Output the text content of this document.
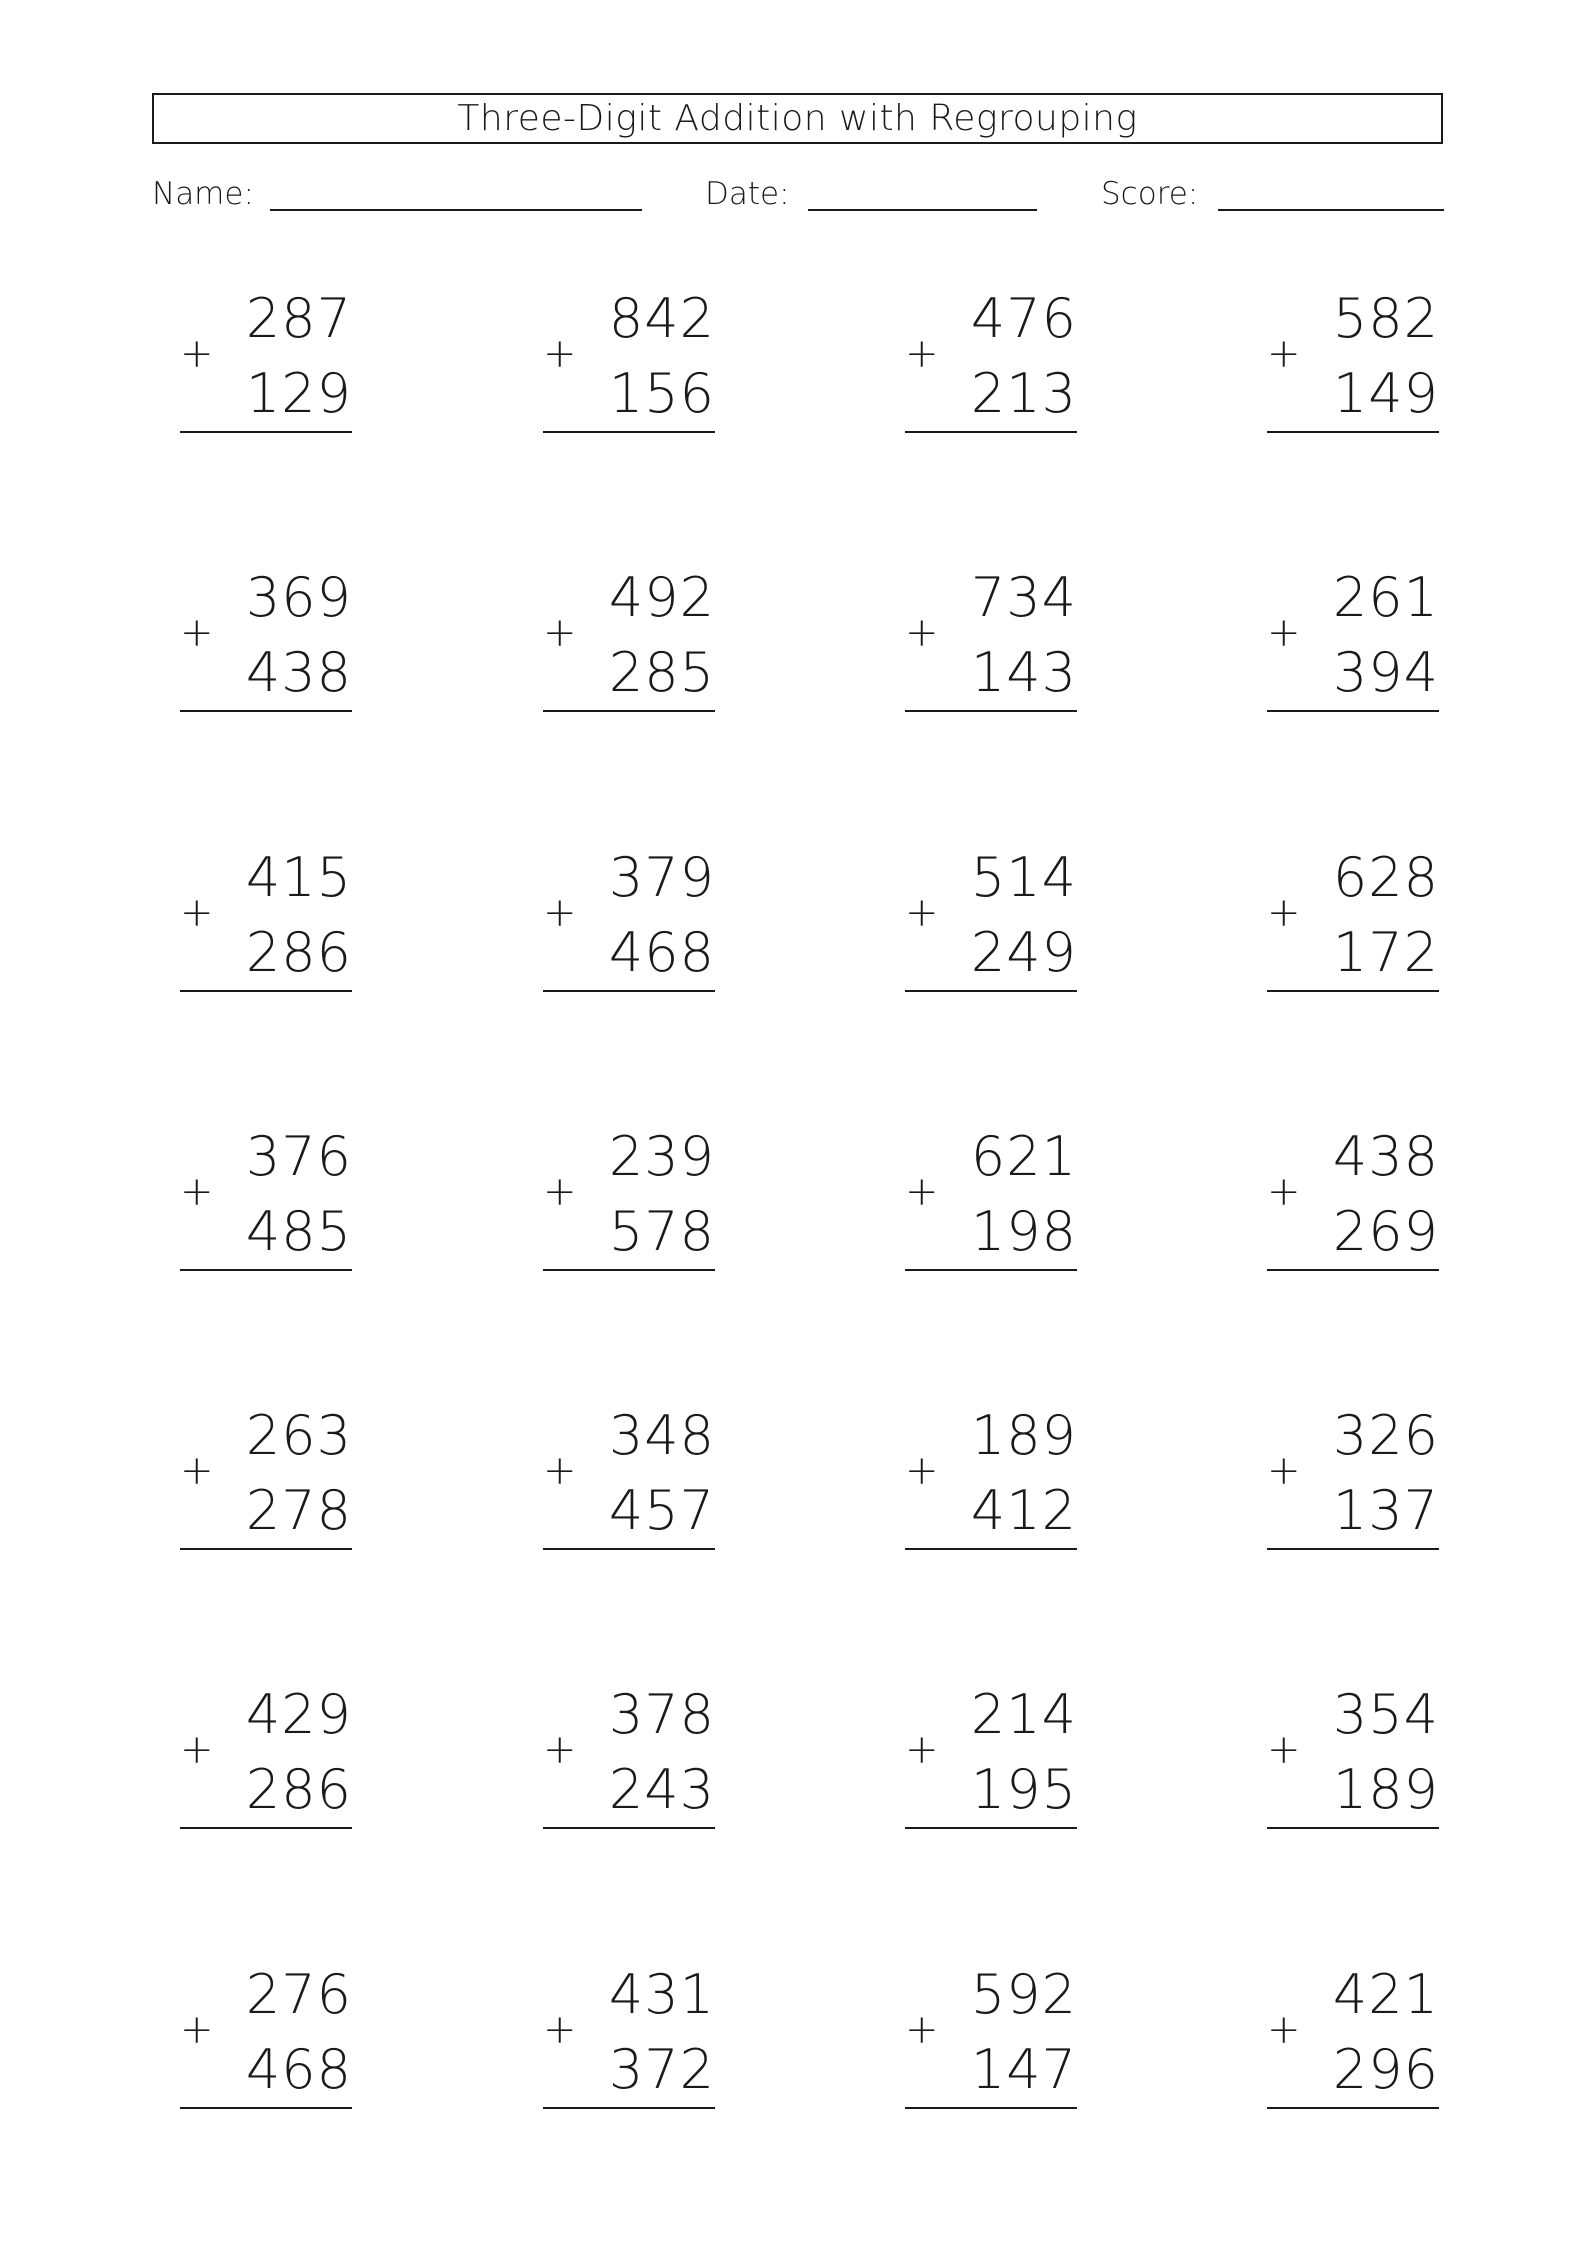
Three-Digit Addition with Regrouping
Name:	Date:	Score:
287
+
129
842
+
156
476
+
213
582
+
149
369
+
438
492
+
285
734
+
143
261
+
394
415
+
286
379
+
468
514
+
249
628
+
172
376
+
485
239
+
578
621
+
198
438
+
269
263
+
278
348
+
457
189
+
412
326
+
137
429
+
286
378
+
243
214
+
195
354
+
189
276
+
468
431
+
372
592
+
147
421
+
296
